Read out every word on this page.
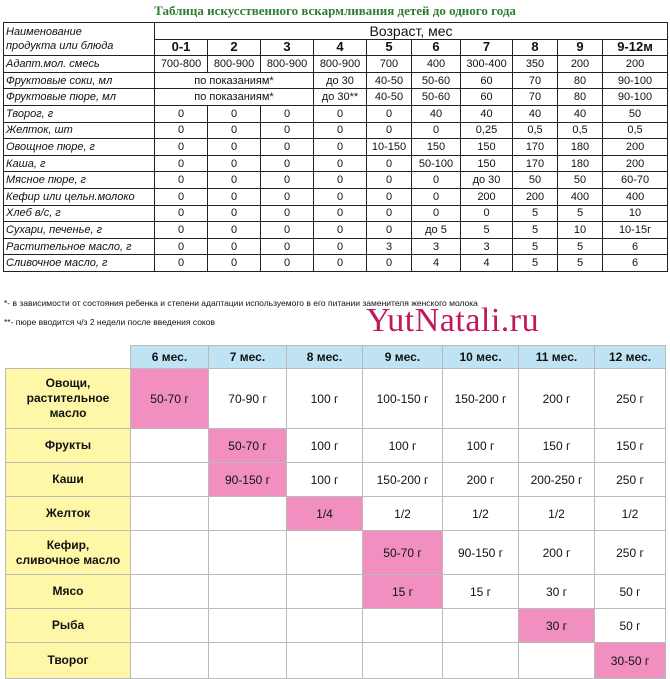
Таблица искусственного вскармливания детей до одного года
Наименование
продукта или блюда	Возраст, мес									
	0-1	2	3	4	5	6	7	8	9	9-12м
Адапт.мол. смесь	700-800	800-900	800-900	800-900	700	400	300-400	350	200	200
Фруктовые соки, мл	по показаниям*			до 30	40-50	50-60	60	70	80	90-100
Фруктовые пюре, мл	по показаниям*			до 30**	40-50	50-60	60	70	80	90-100
Творог, г	0	0	0	0	0	40	40	40	40	50
Желток, шт	0	0	0	0	0	0	0,25	0,5	0,5	0,5
Овощное пюре, г	0	0	0	0	10-150	150	150	170	180	200
Каша, г	0	0	0	0	0	50-100	150	170	180	200
Мясное пюре, г	0	0	0	0	0	0	до 30	50	50	60-70
Кефир или цельн.молоко	0	0	0	0	0	0	200	200	400	400
Хлеб в/с, г	0	0	0	0	0	0	0	5	5	10
Сухари, печенье, г	0	0	0	0	0	до 5	5	5	10	10-15г
Растительное масло, г	0	0	0	0	3	3	3	5	5	6
Сливочное масло, г	0	0	0	0	0	4	4	5	5	6
*- в зависимости от состояния ребенка и степени адаптации используемого в его питании заменителя женского молока
**- пюре вводится ч/з 2 недели после введения соков	YutNatali.ru
	6 мес.	7 мес.	8 мес.	9 мес.	10 мес.	11 мес.	12 мес.

Овощи,
растительное
масло	50-70 г	70-90 г	100 г	100-150 г	150-200 г	200 г	250 г

Фрукты		50-70 г	100 г	100 г	100 г	150 г	150 г

Каши		90-150 г	100 г	150-200 г	200 г	200-250 г	250 г

Желток			1/4	1/2	1/2	1/2	1/2

Кефир,
сливочное масло				50-70 г	90-150 г	200 г	250 г

Мясо				15 г	15 г	30 г	50 г

Рыба						30 г	50 г

Творог							30-50 г
